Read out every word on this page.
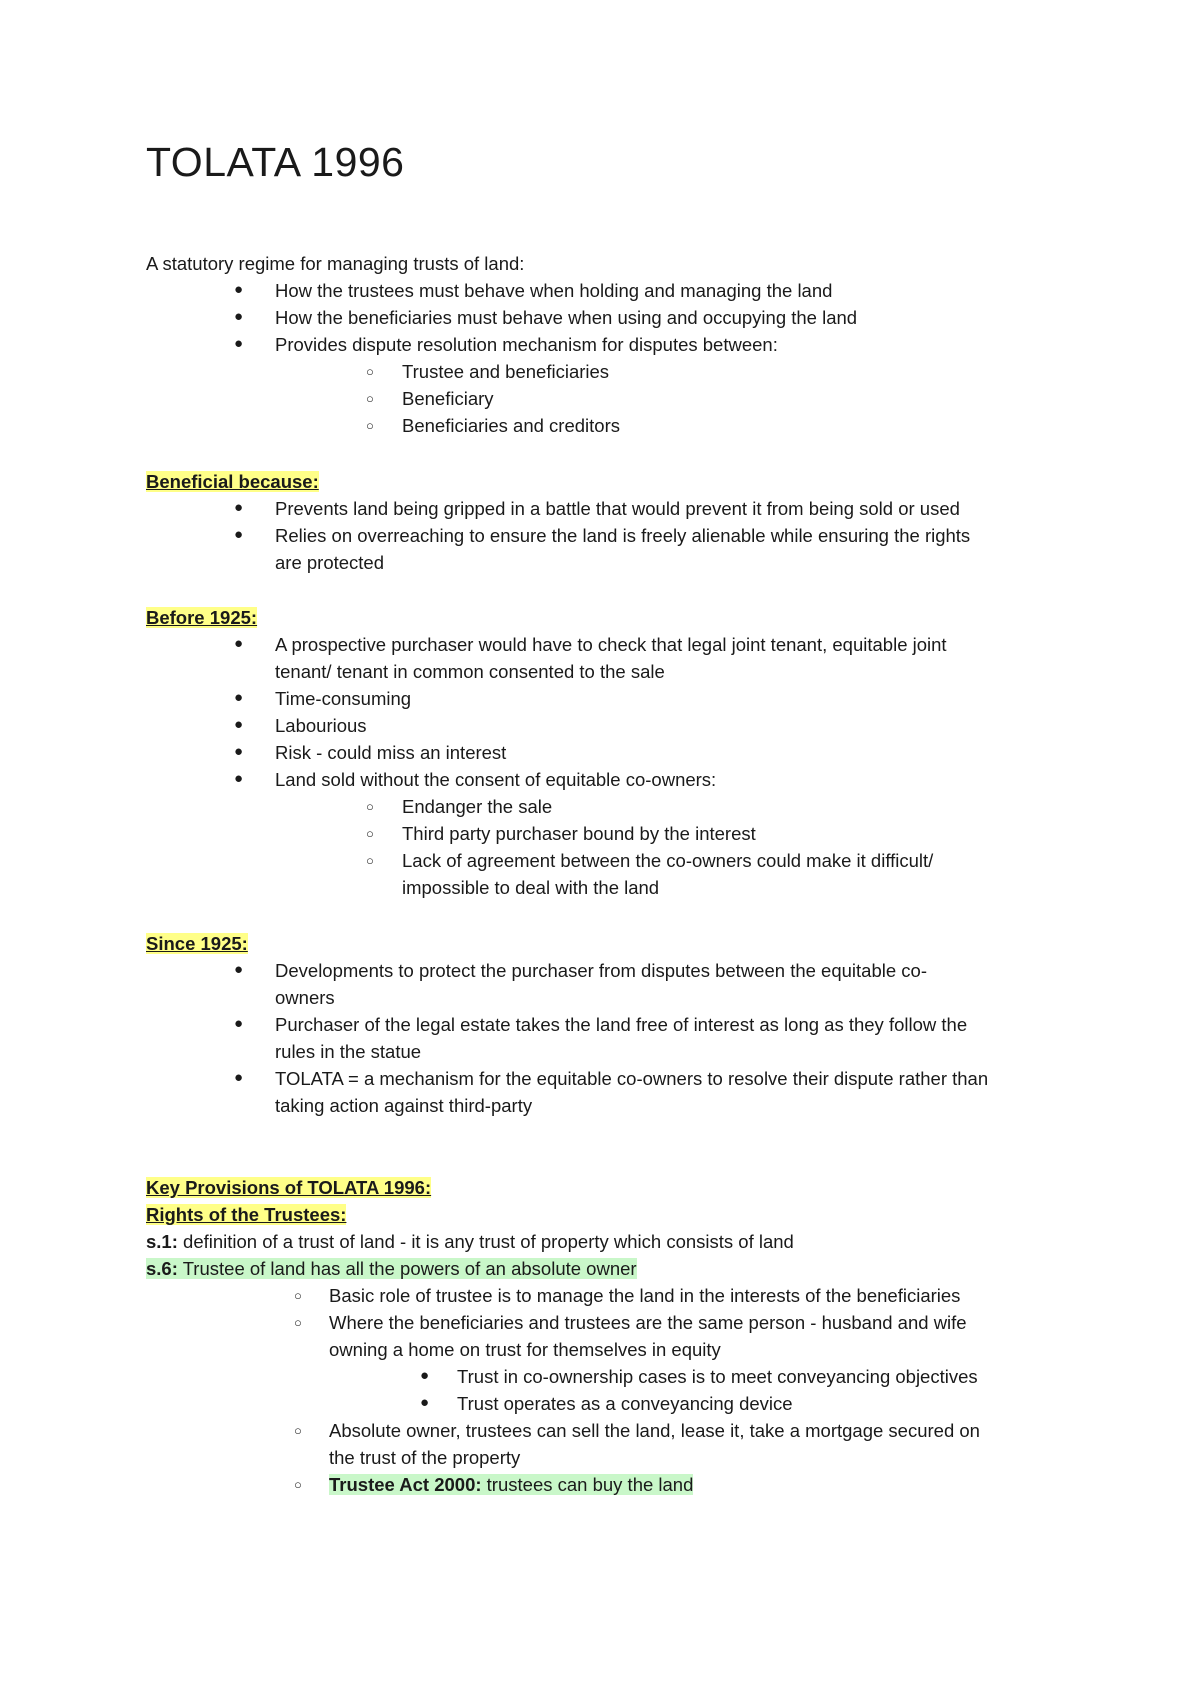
TOLATA 1996
A statutory regime for managing trusts of land:
● How the trustees must behave when holding and managing the land
● How the beneficiaries must behave when using and occupying the land
● Provides dispute resolution mechanism for disputes between:
○ Trustee and beneficiaries
○ Beneficiary
○ Beneficiaries and creditors
Beneficial because:
● Prevents land being gripped in a battle that would prevent it from being sold or used
● Relies on overreaching to ensure the land is freely alienable while ensuring the rights
are protected
Before 1925:
● A prospective purchaser would have to check that legal joint tenant, equitable joint
tenant/ tenant in common consented to the sale
● Time-consuming
● Labourious
● Risk - could miss an interest
● Land sold without the consent of equitable co-owners:
○ Endanger the sale
○ Third party purchaser bound by the interest
○ Lack of agreement between the co-owners could make it difficult/
impossible to deal with the land
Since 1925:
● Developments to protect the purchaser from disputes between the equitable co-
owners
● Purchaser of the legal estate takes the land free of interest as long as they follow the
rules in the statue
● TOLATA = a mechanism for the equitable co-owners to resolve their dispute rather than
taking action against third-party
Key Provisions of TOLATA 1996:
Rights of the Trustees:
s.1: definition of a trust of land - it is any trust of property which consists of land
s.6: Trustee of land has all the powers of an absolute owner
○ Basic role of trustee is to manage the land in the interests of the beneficiaries
○ Where the beneficiaries and trustees are the same person - husband and wife
owning a home on trust for themselves in equity
● Trust in co-ownership cases is to meet conveyancing objectives
● Trust operates as a conveyancing device
○ Absolute owner, trustees can sell the land, lease it, take a mortgage secured on
the trust of the property
○ Trustee Act 2000: trustees can buy the land
